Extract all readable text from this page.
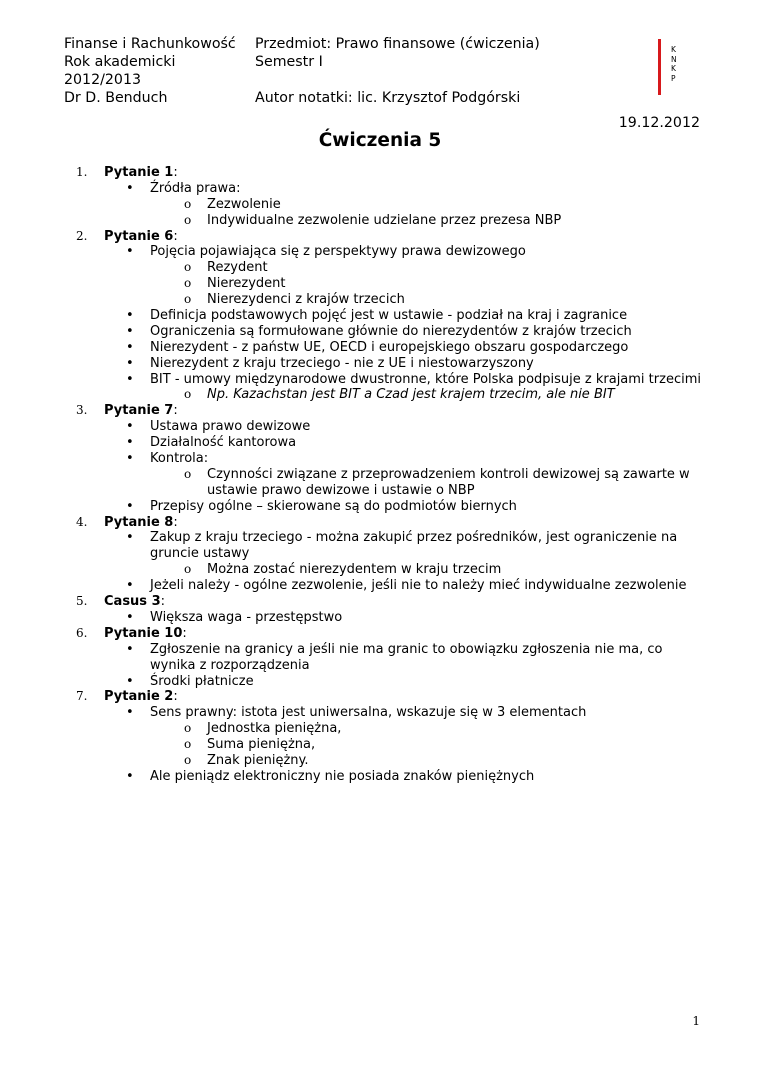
Finanse i Rachunkowość
Rok akademicki
2012/2013
Dr D. Benduch
Przedmiot: Prawo finansowe (ćwiczenia)
Semestr I

Autor notatki: lic. Krzysztof Podgórski
K
N
K
P
19.12.2012
Ćwiczenia 5
1. Pytanie 1:
• Źródła prawa:
o Zezwolenie
o Indywidualne zezwolenie udzielane przez prezesa NBP
2. Pytanie 6:
• Pojęcia pojawiająca się z perspektywy prawa dewizowego
o Rezydent
o Nierezydent
o Nierezydenci z krajów trzecich
• Definicja podstawowych pojęć jest w ustawie - podział na kraj i zagranice
• Ograniczenia są formułowane głównie do nierezydentów z krajów trzecich
• Nierezydent - z państw UE, OECD i europejskiego obszaru gospodarczego
• Nierezydent z kraju trzeciego - nie z UE i niestowarzyszony
• BIT - umowy międzynarodowe dwustronne, które Polska podpisuje z krajami trzecimi
o Np. Kazachstan jest BIT a Czad jest krajem trzecim, ale nie BIT
3. Pytanie 7:
• Ustawa prawo dewizowe
• Działalność kantorowa
• Kontrola:
o Czynności związane z przeprowadzeniem kontroli dewizowej są zawarte w
ustawie prawo dewizowe i ustawie o NBP
• Przepisy ogólne – skierowane są do podmiotów biernych
4. Pytanie 8:
• Zakup z kraju trzeciego - można zakupić przez pośredników, jest ograniczenie na
gruncie ustawy
o Można zostać nierezydentem w kraju trzecim
• Jeżeli należy - ogólne zezwolenie, jeśli nie to należy mieć indywidualne zezwolenie
5. Casus 3:
• Większa waga - przestępstwo
6. Pytanie 10:
• Zgłoszenie na granicy a jeśli nie ma granic to obowiązku zgłoszenia nie ma, co
wynika z rozporządzenia
• Środki płatnicze
7. Pytanie 2:
• Sens prawny: istota jest uniwersalna, wskazuje się w 3 elementach
o Jednostka pieniężna,
o Suma pieniężna,
o Znak pieniężny.
• Ale pieniądz elektroniczny nie posiada znaków pieniężnych
1
